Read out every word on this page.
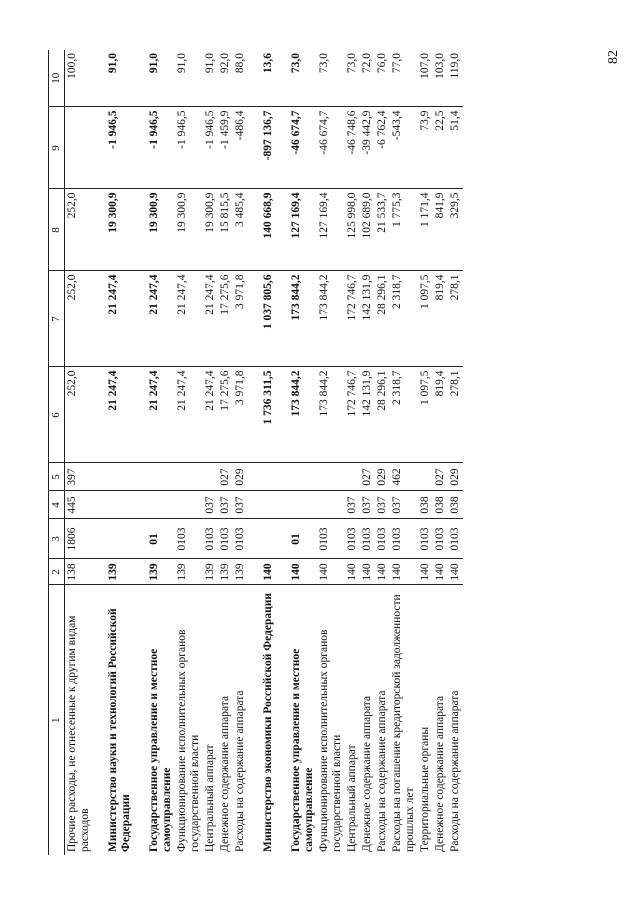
82
1	2	3	4	5	6	7	8	9	10
Прочие расходы, не отнесенные к другим видам расходов	138	1806	445	397	252,0	252,0	252,0		100,0
Министерство науки и технологий Российской Федерации	139				21 247,4	21 247,4	19 300,9	-1 946,5	91,0
Государственное управление и местное самоуправление	139	01			21 247,4	21 247,4	19 300,9	-1 946,5	91,0
Функционирование исполнительных органов государственной власти	139	0103			21 247,4	21 247,4	19 300,9	-1 946,5	91,0
Центральный аппарат	139	0103	037		21 247,4	21 247,4	19 300,9	-1 946,5	91,0
Денежное содержание аппарата	139	0103	037	027	17 275,6	17 275,6	15 815,5	-1 459,9	92,0
Расходы на содержание аппарата	139	0103	037	029	3 971,8	3 971,8	3 485,4	-486,4	88,0
Министерство экономики Российской Федерации	140				1 736 311,5	1 037 805,6	140 668,9	-897 136,7	13,6
Государственное управление и местное самоуправление	140	01			173 844,2	173 844,2	127 169,4	-46 674,7	73,0
Функционирование исполнительных органов государственной власти	140	0103			173 844,2	173 844,2	127 169,4	-46 674,7	73,0
Центральный аппарат	140	0103	037		172 746,7	172 746,7	125 998,0	-46 748,6	73,0
Денежное содержание аппарата	140	0103	037	027	142 131,9	142 131,9	102 689,0	-39 442,9	72,0
Расходы на содержание аппарата	140	0103	037	029	28 296,1	28 296,1	21 533,7	-6 762,4	76,0
Расходы на погашение кредиторской задолженности прошлых лет	140	0103	037	462	2 318,7	2 318,7	1 775,3	-543,4	77,0
Территориальные органы	140	0103	038		1 097,5	1 097,5	1 171,4	73,9	107,0
Денежное содержание аппарата	140	0103	038	027	819,4	819,4	841,9	22,5	103,0
Расходы на содержание аппарата	140	0103	038	029	278,1	278,1	329,5	51,4	119,0
